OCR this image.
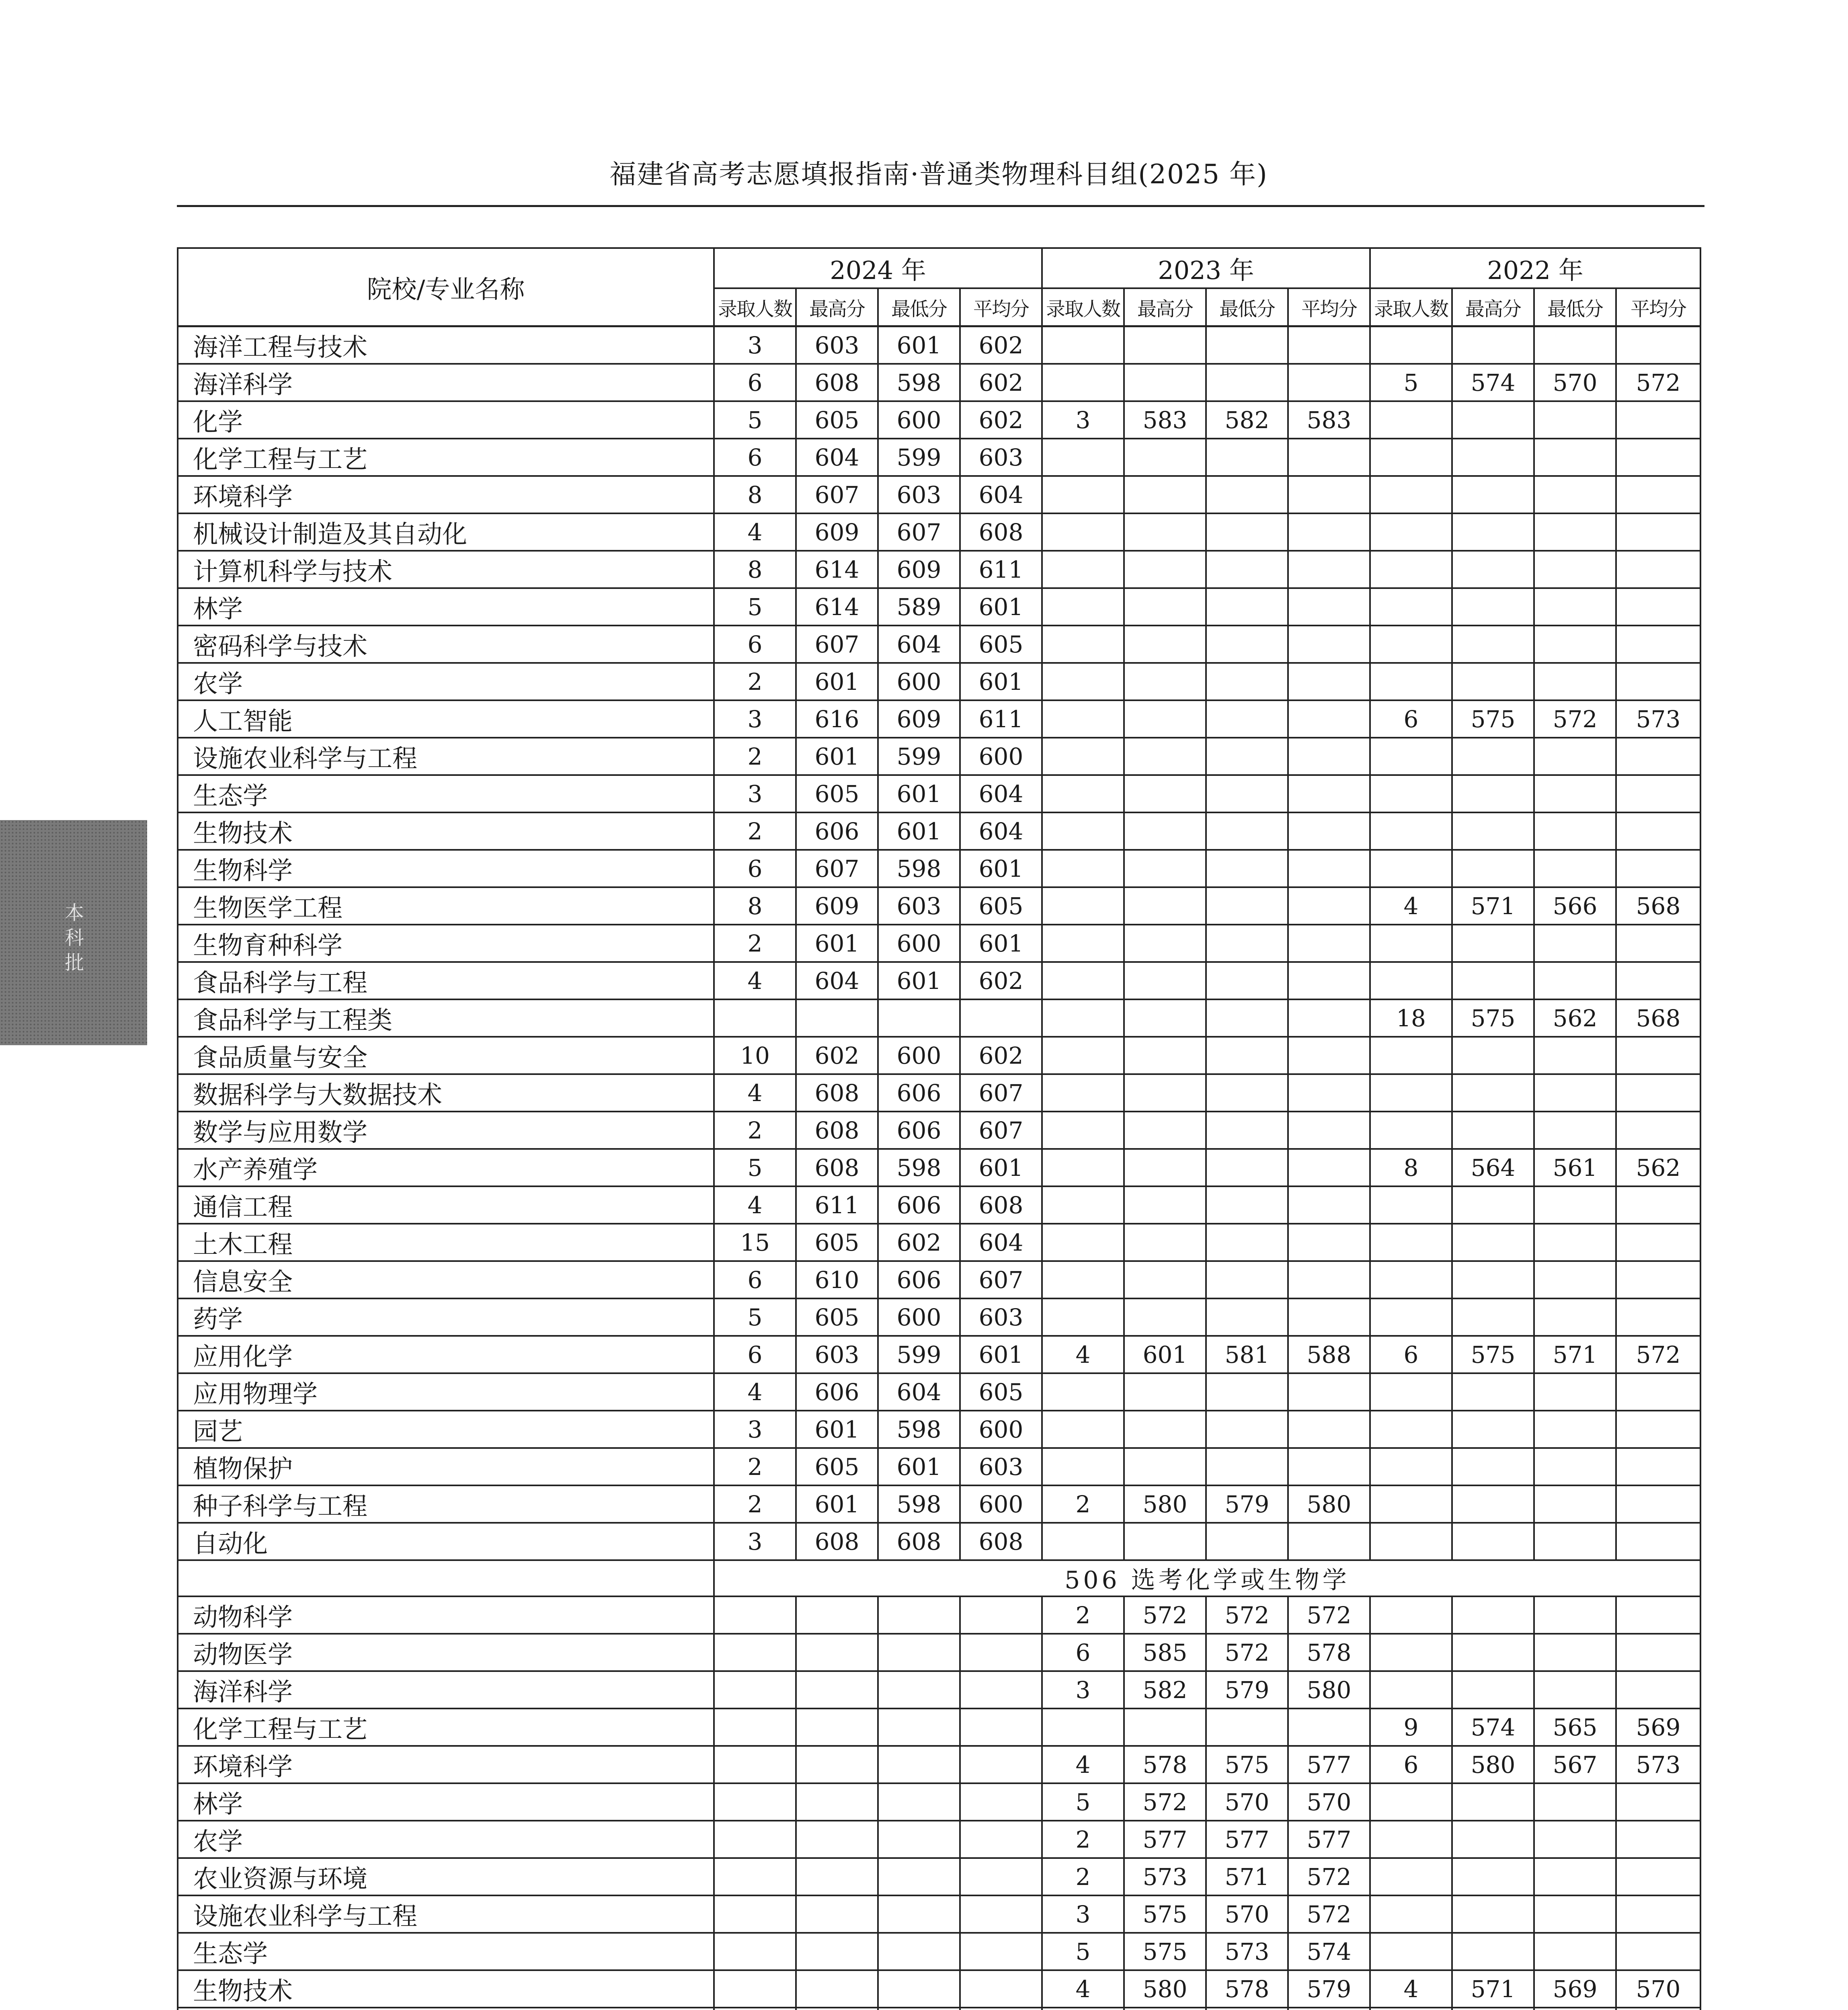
福建省高考志愿填报指南·普通类物理科目组(2025 年)
本科批
院校/专业名称	2024 年				2023 年				2022 年			
	录取人数	最高分	最低分	平均分	录取人数	最高分	最低分	平均分	录取人数	最高分	最低分	平均分
海洋工程与技术	3	603	601	602								
海洋科学	6	608	598	602					5	574	570	572
化学	5	605	600	602	3	583	582	583				
化学工程与工艺	6	604	599	603								
环境科学	8	607	603	604								
机械设计制造及其自动化	4	609	607	608								
计算机科学与技术	8	614	609	611								
林学	5	614	589	601								
密码科学与技术	6	607	604	605								
农学	2	601	600	601								
人工智能	3	616	609	611					6	575	572	573
设施农业科学与工程	2	601	599	600								
生态学	3	605	601	604								
生物技术	2	606	601	604								
生物科学	6	607	598	601								
生物医学工程	8	609	603	605					4	571	566	568
生物育种科学	2	601	600	601								
食品科学与工程	4	604	601	602								
食品科学与工程类									18	575	562	568
食品质量与安全	10	602	600	602								
数据科学与大数据技术	4	608	606	607								
数学与应用数学	2	608	606	607								
水产养殖学	5	608	598	601					8	564	561	562
通信工程	4	611	606	608								
土木工程	15	605	602	604								
信息安全	6	610	606	607								
药学	5	605	600	603								
应用化学	6	603	599	601	4	601	581	588	6	575	571	572
应用物理学	4	606	604	605								
园艺	3	601	598	600								
植物保护	2	605	601	603								
种子科学与工程	2	601	598	600	2	580	579	580				
自动化	3	608	608	608								
	506 选考化学或生物学											
动物科学					2	572	572	572				
动物医学					6	585	572	578				
海洋科学					3	582	579	580				
化学工程与工艺									9	574	565	569
环境科学					4	578	575	577	6	580	567	573
林学					5	572	570	570				
农学					2	577	577	577				
农业资源与环境					2	573	571	572				
设施农业科学与工程					3	575	570	572				
生态学					5	575	573	574				
生物技术					4	580	578	579	4	571	569	570
